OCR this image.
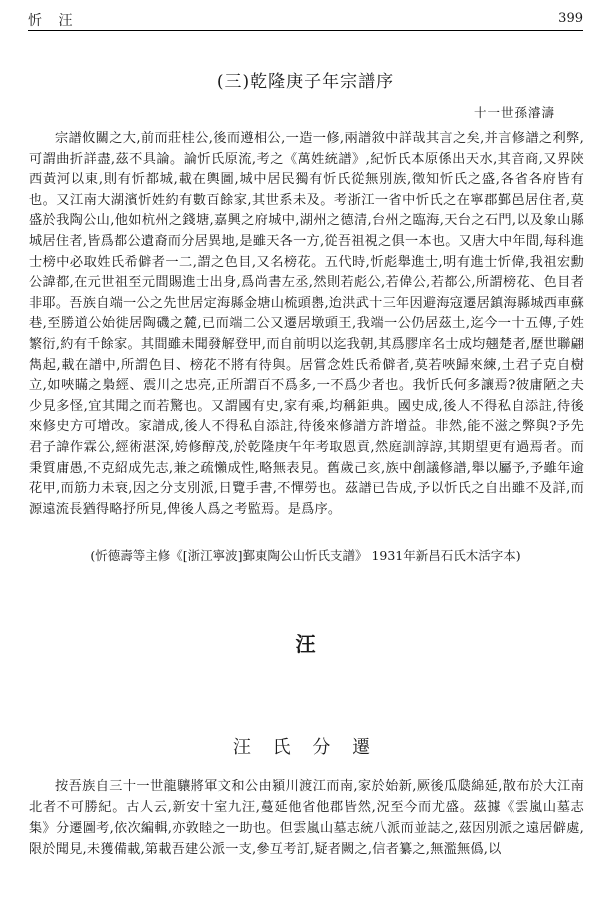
忻 汪	399
(三)乾隆庚子年宗譜序
十一世孫濬濤

宗譜攸關之大,前而莊桂公,後而遵相公,一造一修,兩譜敘中詳哉其言之矣,并言修譜之利弊,可謂曲折詳盡,茲不具論。論忻氏原流,考之《萬姓統譜》,紀忻氏本原係出天水,其音商,又界陝西黃河以東,則有忻都城,載在輿圖,城中居民獨有忻氏從無別族,徵知忻氏之盛,各省各府皆有也。又江南大湖濱忻姓約有數百餘家,其世系未及。考浙江一省中忻氏之在寧郡鄞邑居住者,莫盛於我陶公山,他如杭州之錢塘,嘉興之府城中,湖州之德清,台州之臨海,天台之石門,以及象山縣城居住者,皆爲都公遺裔而分居異地,是雖天各一方,從吾祖視之俱一本也。又唐大中年間,每科進士榜中必取姓氏希僻者一二,謂之色目,又名榜花。五代時,忻彪舉進士,明有進士忻偉,我祖宏勳公諱都,在元世祖至元間賜進士出身,爲尚書左丞,然則若彪公,若偉公,若都公,所謂榜花、色目者非耶。吾族自端一公之先世居定海縣金塘山梳頭嶴,迨洪武十三年因避海寇遷居鎮海縣城西車蘇巷,至勝道公始徙居陶磯之麓,已而端二公又遷居墩頭王,我端一公仍居茲土,迄今一十五傳,子姓繁衍,約有千餘家。其間雖未聞發解登甲,而自前明以迄我朝,其爲膠庠名士成均翹楚者,歷世聯翩雋起,載在譜中,所謂色目、榜花不將有待與。居嘗念姓氏希僻者,莫若唊歸來練,土君子克自樹立,如唊瞞之梟經、震川之忠亮,正所謂百不爲多,一不爲少者也。我忻氏何多讓焉?彼庸陋之夫少見多怪,宜其聞之而若驚也。又謂國有史,家有乘,均稱鉅典。國史成,後人不得私自添註,待後來修史方可增改。家譜成,後人不得私自添註,待後來修譜方許增益。非然,能不滋之弊與?予先君子諱作霖公,經術湛深,姱修醇茂,於乾隆庚午年考取恩貢,然庭訓諄諄,其期望更有過焉者。而秉質庸愚,不克紹成先志,兼之疏懶成性,略無表見。舊歲己亥,族中創議修譜,舉以屬予,予雖年逾花甲,而筋力未衰,因之分支別派,日覽手書,不憚勞也。茲譜已告成,予以忻氏之自出雖不及詳,而源遠流長猶得略抒所見,俾後人爲之考監焉。是爲序。

(忻德壽等主修《[浙江寧波]鄞東陶公山忻氏支譜》 1931年新昌石氏木活字本)
汪
汪 氏 分 遷

按吾族自三十一世龍驤將軍文和公由潁川渡江而南,家於始新,厥後瓜瓞綿延,散布於大江南北者不可勝紀。古人云,新安十室九汪,蔓延他省他郡皆然,況至今而尤盛。茲據《雲嵐山墓志集》分遷圖考,依次編輯,亦敦睦之一助也。但雲嵐山墓志統八派而並誌之,茲因別派之遠居僻處,限於聞見,未獲備載,第載吾建公派一支,參互考訂,疑者闕之,信者纂之,無濫無僞,以
